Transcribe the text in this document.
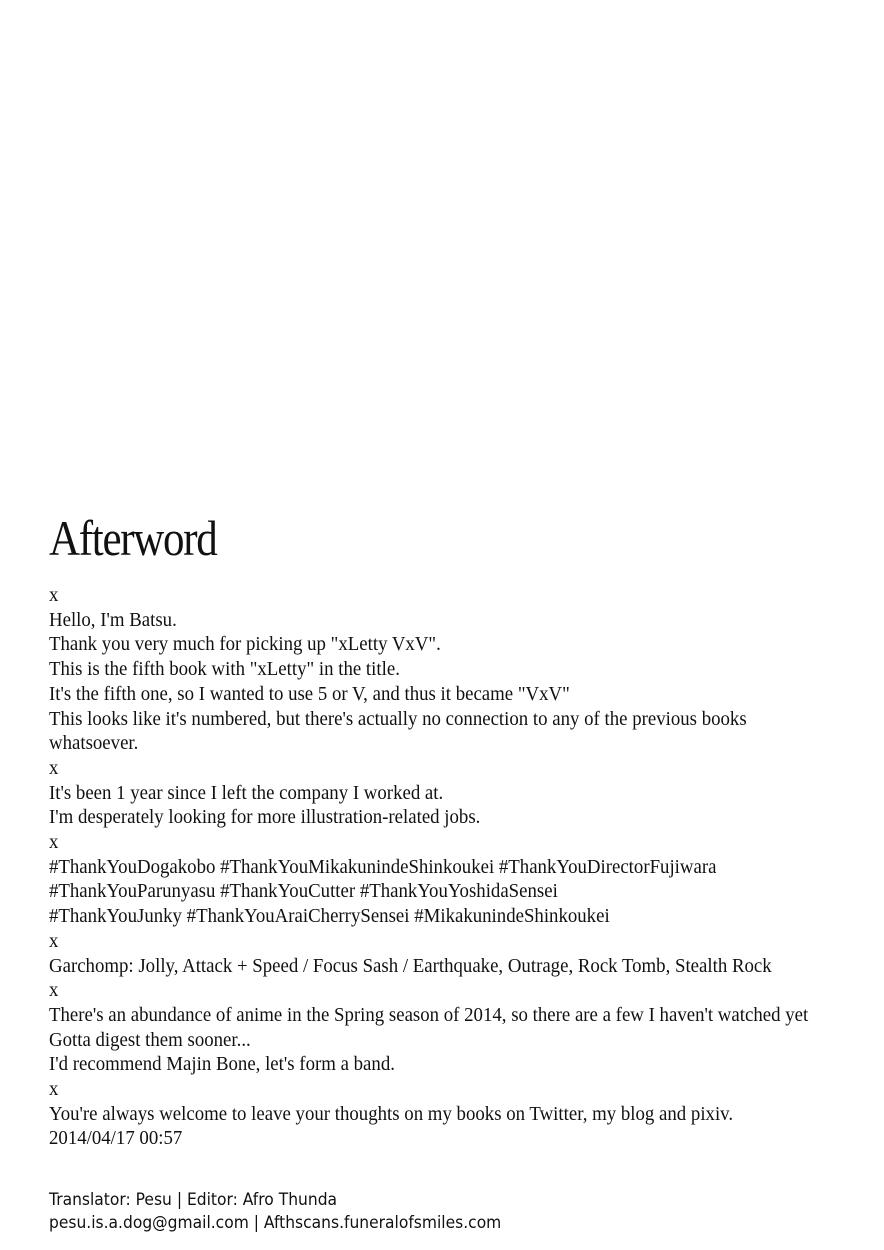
Afterword
x
Hello, I'm Batsu.
Thank you very much for picking up "xLetty VxV".
This is the fifth book with "xLetty" in the title.
It's the fifth one, so I wanted to use 5 or V, and thus it became "VxV"
This looks like it's numbered, but there's actually no connection to any of the previous books whatsoever.
x
It's been 1 year since I left the company I worked at.
I'm desperately looking for more illustration-related jobs.
x
#ThankYouDogakobo #ThankYouMikakunindeShinkoukei #ThankYouDirectorFujiwara
#ThankYouParunyasu #ThankYouCutter #ThankYouYoshidaSensei
#ThankYouJunky #ThankYouAraiCherrySensei #MikakunindeShinkoukei
x
Garchomp: Jolly, Attack + Speed / Focus Sash / Earthquake, Outrage, Rock Tomb, Stealth Rock
x
There's an abundance of anime in the Spring season of 2014, so there are a few I haven't watched yet
Gotta digest them sooner...
I'd recommend Majin Bone, let's form a band.
x
You're always welcome to leave your thoughts on my books on Twitter, my blog and pixiv.
2014/04/17 00:57
Translator: Pesu | Editor: Afro Thunda
pesu.is.a.dog@gmail.com | Afthscans.funeralofsmiles.com
